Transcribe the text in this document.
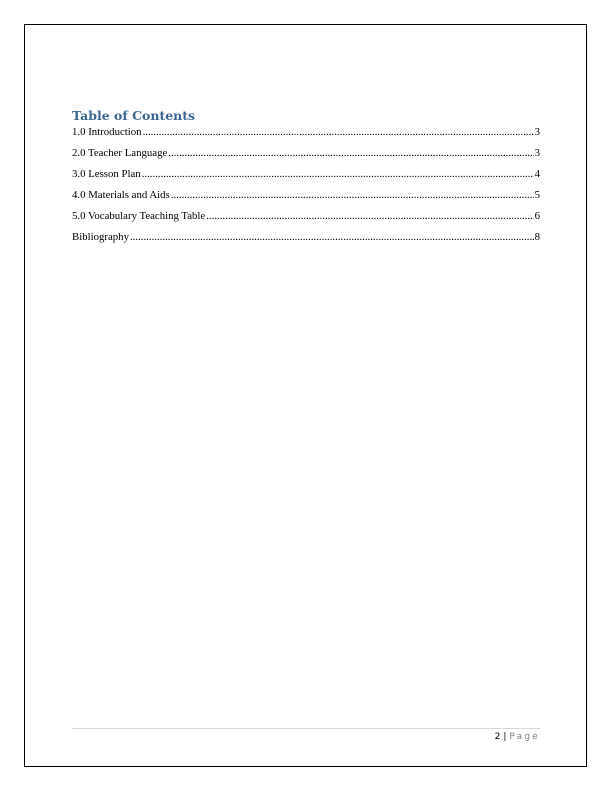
Table of Contents
1.0 Introduction .....	3
2.0 Teacher Language .....	3
3.0 Lesson Plan .....	4
4.0 Materials and Aids .....	5
5.0 Vocabulary Teaching Table .....	6
Bibliography .....	8
2 | Page
